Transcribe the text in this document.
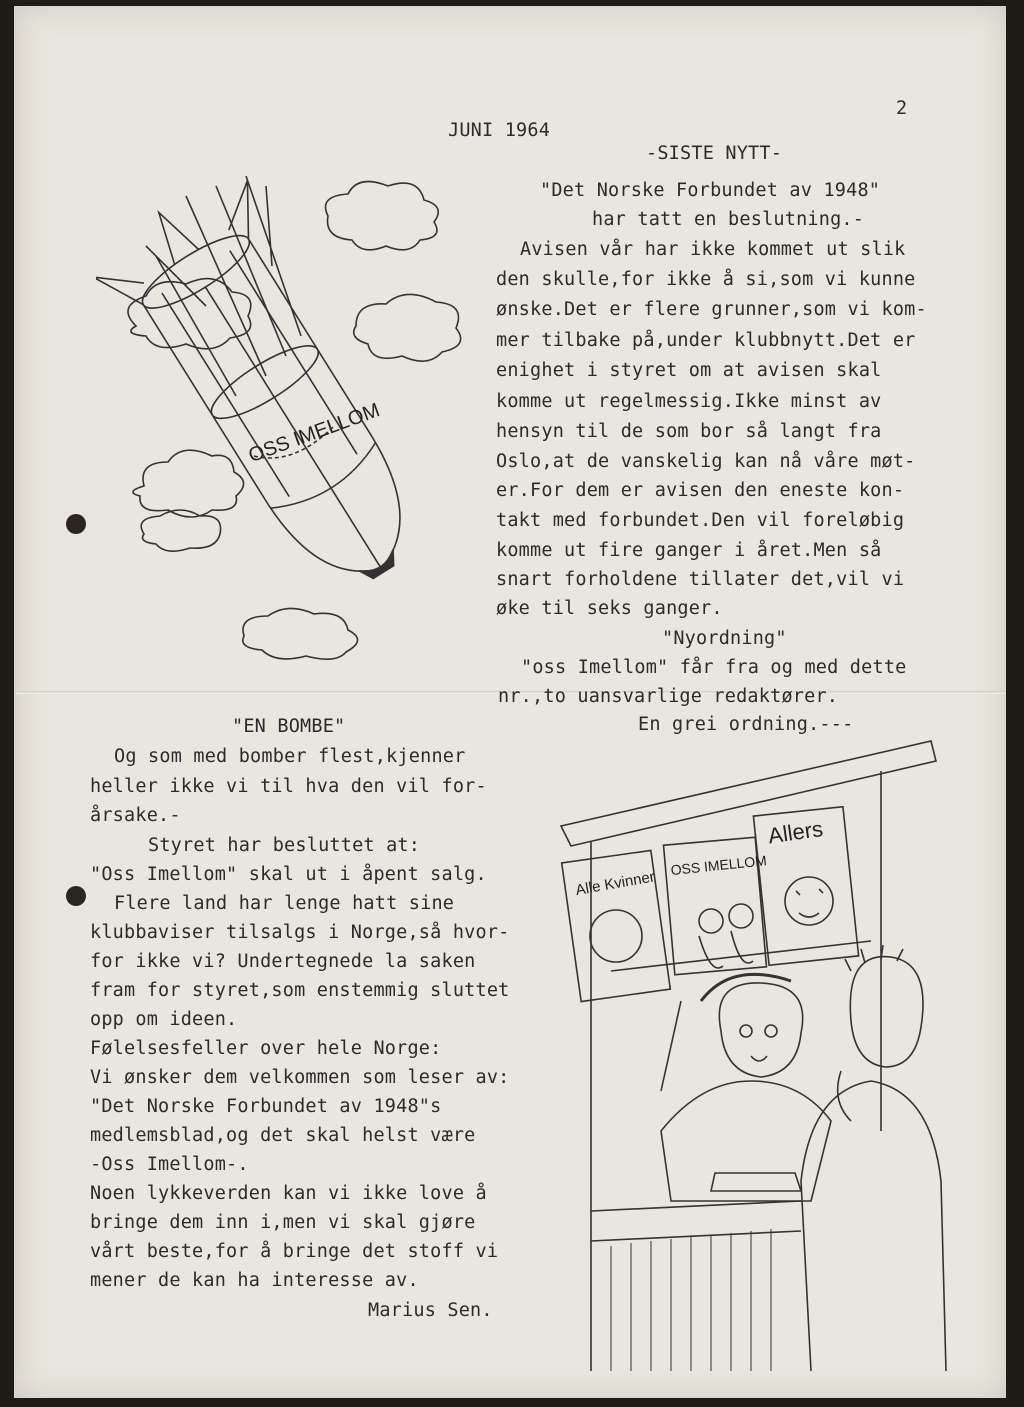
2
JUNI 1964
-SISTE NYTT-
"Det Norske Forbundet av 1948"
har tatt en beslutning.-
Avisen vår har ikke kommet ut slik
den skulle,for ikke å si,som vi kunne
ønske.Det er flere grunner,som vi kom-
mer tilbake på,under klubbnytt.Det er
enighet i styret om at avisen skal
komme ut regelmessig.Ikke minst av
hensyn til de som bor så langt fra
Oslo,at de vanskelig kan nå våre møt-
er.For dem er avisen den eneste kon-
takt med forbundet.Den vil foreløbig
komme ut fire ganger i året.Men så
snart forholdene tillater det,vil vi
øke til seks ganger.
"Nyordning"
"oss Imellom" får fra og med dette
nr.,to uansvarlige redaktører.
En grei ordning.---
"EN BOMBE"
Og som med bomber flest,kjenner
heller ikke vi til hva den vil for-
årsake.-
Styret har besluttet at:
"Oss Imellom" skal ut i åpent salg.
Flere land har lenge hatt sine
klubbaviser tilsalgs i Norge,så hvor-
for ikke vi? Undertegnede la saken
fram for styret,som enstemmig sluttet
opp om ideen.
Følelsesfeller over hele Norge:
Vi ønsker dem velkommen som leser av:
"Det Norske Forbundet av 1948"s
medlemsblad,og det skal helst være
-Oss Imellom-.
Noen lykkeverden kan vi ikke love å
bringe dem inn i,men vi skal gjøre
vårt beste,for å bringe det stoff vi
mener de kan ha interesse av.
Marius Sen.
OSS IMELLOM
Alle Kvinner
OSS IMELLOM
Allers
